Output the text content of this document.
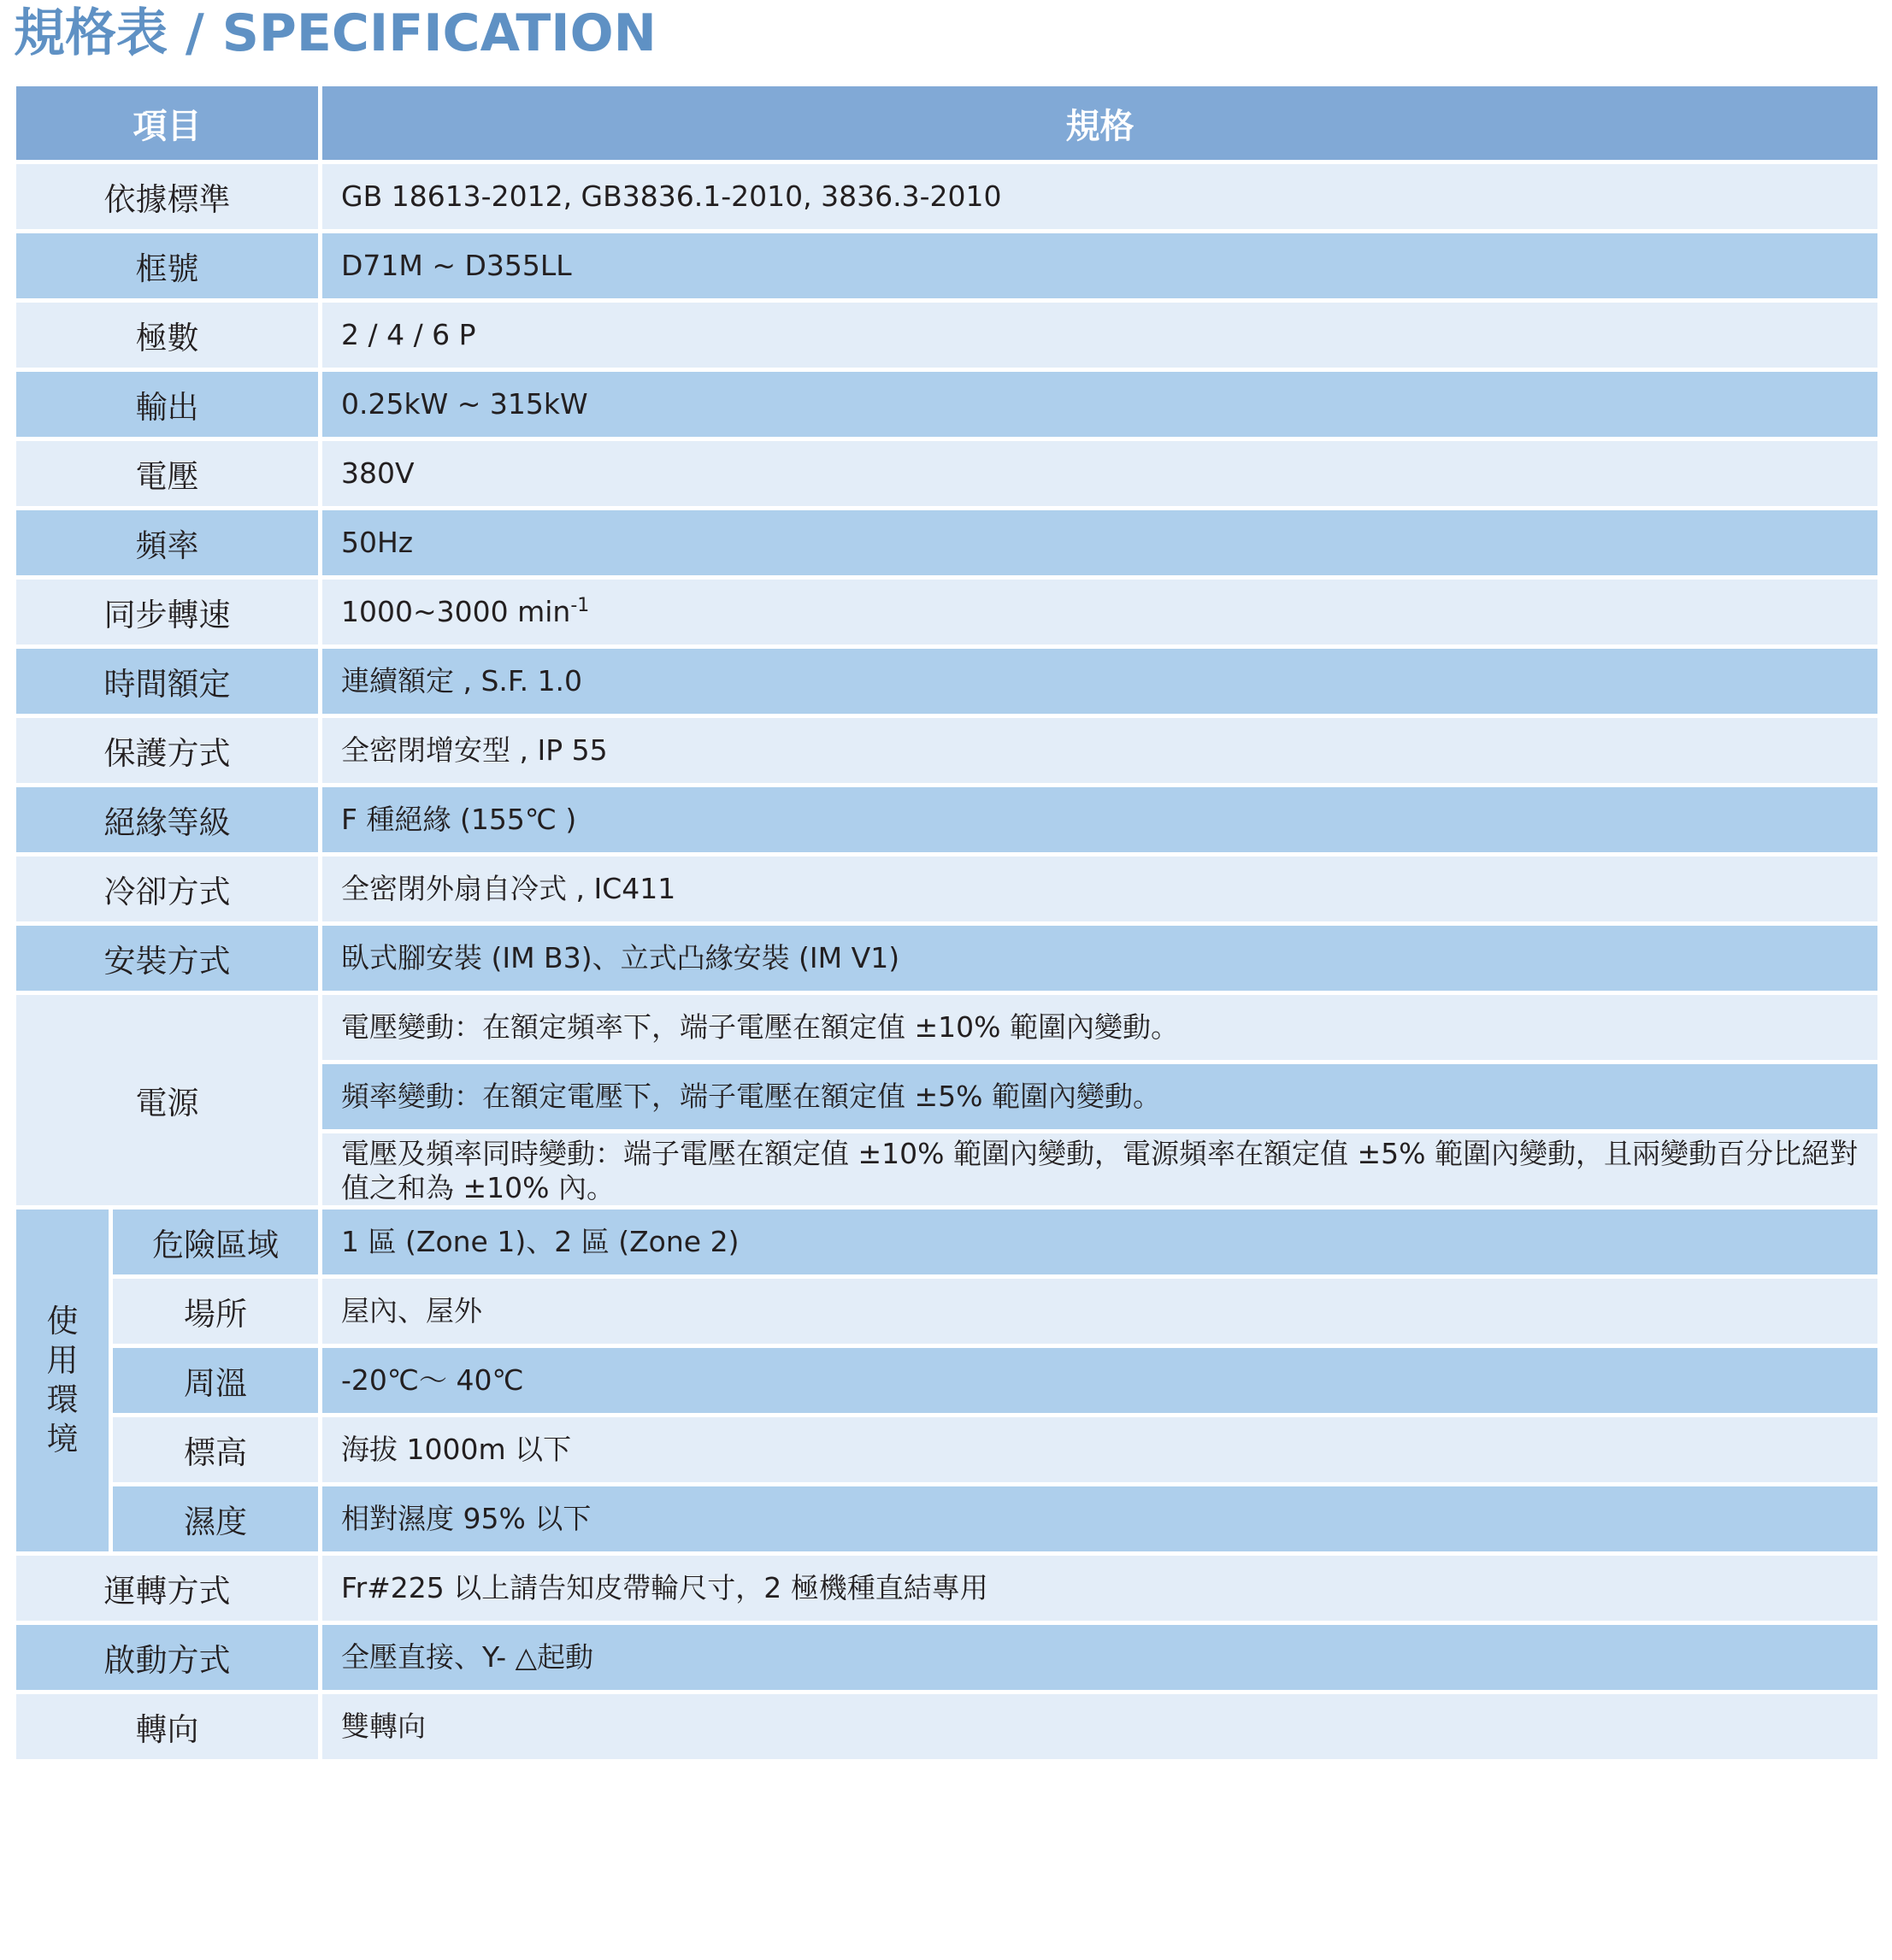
規格表 / SPECIFICATION
項目		規格
依據標準		GB 18613-2012, GB3836.1-2010, 3836.3-2010
框號		D71M ~ D355LL
極數		2 / 4 / 6 P
輸出		0.25kW ~ 315kW
電壓		380V
頻率		50Hz
同步轉速		1000~3000 $\min^{-1}$
時間額定		連續額定 , S.F. 1.0
保護方式		全密閉增安型 , IP 55
絕緣等級		F 種絕緣 (155℃ )
冷卻方式		全密閉外扇自冷式 , IC411
安裝方式		臥式腳安裝 (IM B3)、立式凸緣安裝 (IM V1)
電源		電壓變動：在額定頻率下，端子電壓在額定值 ±10% 範圍內變動。
		頻率變動：在額定電壓下，端子電壓在額定值 ±5% 範圍內變動。
		電壓及頻率同時變動：端子電壓在額定值 ±10% 範圍內變動，電源頻率在額定值 ±5% 範圍內變動，且兩變動百分比絕對值之和為 ±10% 內。
使用環境	危險區域	1 區 (Zone 1)、2 區 (Zone 2)
	場所	屋內、屋外
	周溫	-20℃～ 40℃
	標高	海拔 1000m 以下
	濕度	相對濕度 95% 以下
運轉方式		Fr#225 以上請告知皮帶輪尺寸，2 極機種直結專用
啟動方式		全壓直接、Y- △起動
轉向		雙轉向
